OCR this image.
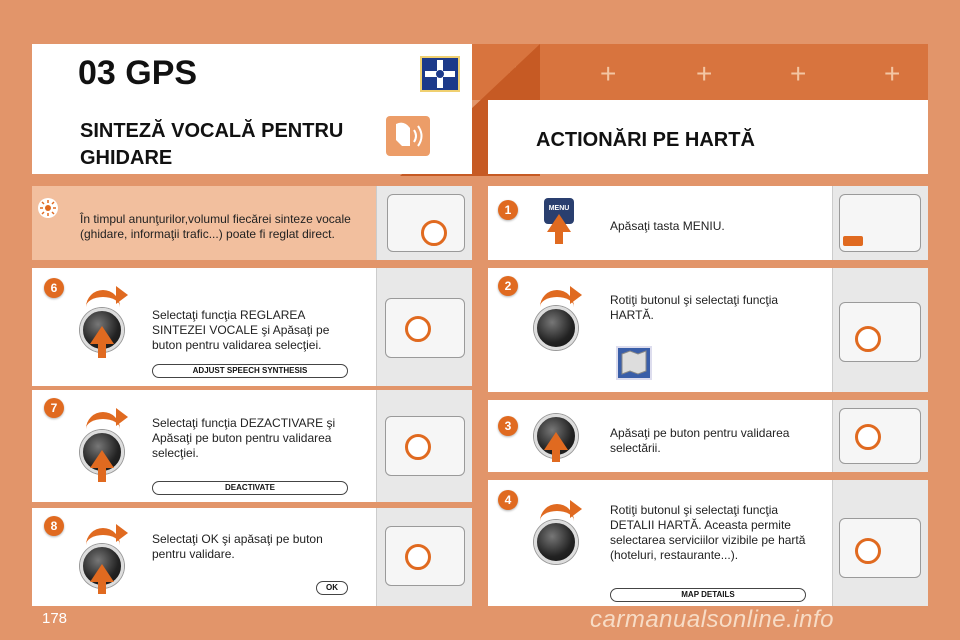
+	+	+	+
03 GPS
SINTEZĂ VOCALĂ PENTRU GHIDARE
ACTIONĂRI PE HARTĂ
În timpul anunţurilor,volumul fiecărei sinteze vocale (ghidare, informaţii trafic...) poate fi reglat direct.
6
Selectaţi funcţia REGLAREA SINTEZEI VOCALE şi Apăsaţi pe buton pentru validarea selecţiei.
ADJUST SPEECH SYNTHESIS
7
Selectaţi funcţia DEZACTIVARE şi Apăsaţi pe buton pentru validarea selecţiei.
DEACTIVATE
8
Selectaţi OK şi apăsaţi pe buton pentru validare.
OK
1	MENU
Apăsaţi tasta MENIU.
2
Rotiţi butonul şi selectaţi funcţia HARTĂ.
3	Apăsaţi pe buton pentru validarea selectării.
4
Rotiţi butonul şi selectaţi funcţia DETALII HARTĂ. Aceasta permite selectarea serviciilor vizibile pe hartă (hoteluri, restaurante...).
MAP DETAILS
178	carmanualsonline.info
